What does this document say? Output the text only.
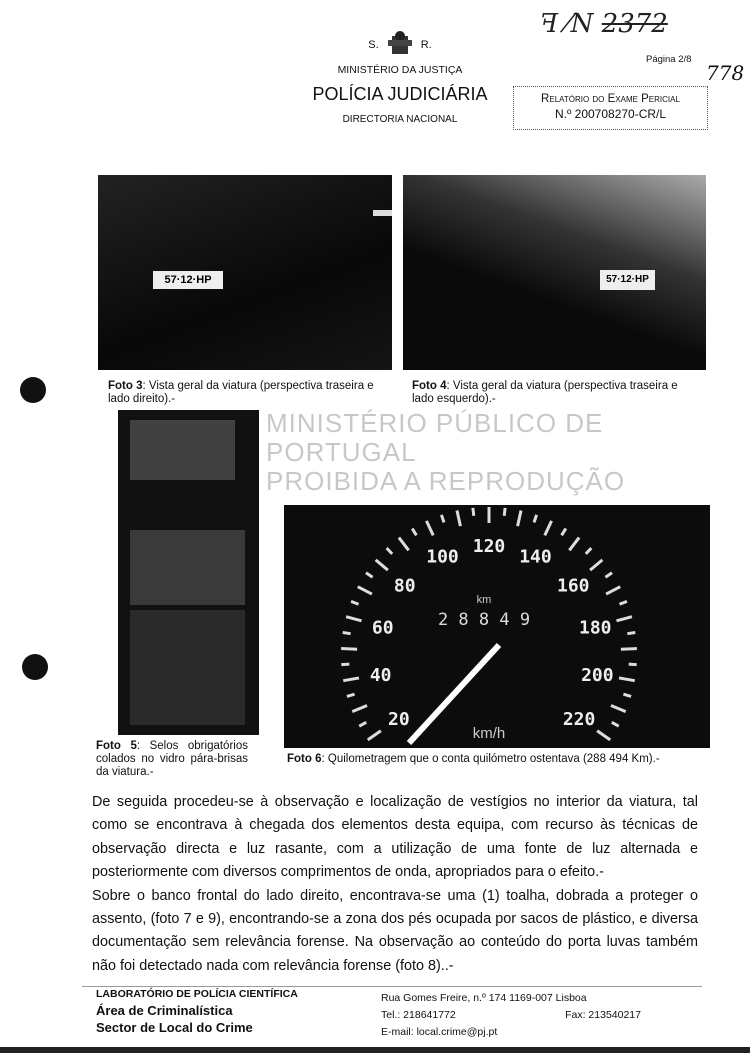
S.	R.
MINISTÉRIO DA JUSTIÇA
POLÍCIA JUDICIÁRIA
DIRECTORIA NACIONAL
ꟻ ⁄N 2372
Página 2/8
778
Relatório do Exame Pericial
N.º 200708270-CR/L
57·12·HP
Foto 3: Vista geral da viatura (perspectiva traseira e lado direito).-
57·12·HP
Foto 4: Vista geral da viatura (perspectiva traseira e lado esquerdo).-
Foto 5: Selos obrigatórios colados no vidro pára-brisas da viatura.-
20
40
60
80
100 120 140
160
180
200
220
km
2 8 8 4 9
km/h
Foto 6: Quilometragem que o conta quilómetro ostentava (288 494 Km).-
MINISTÉRIO PÚBLICO DE PORTUGAL
PROIBIDA A REPRODUÇÃO

De seguida procedeu-se à observação e localização de vestígios no interior da viatura, tal como se encontrava à chegada dos elementos desta equipa, com recurso às técnicas de observação directa e luz rasante, com a utilização de uma fonte de luz alternada e posteriormente com diversos comprimentos de onda, apropriados para o efeito.-

Sobre o banco frontal do lado direito, encontrava-se uma (1) toalha, dobrada a proteger o assento, (foto 7 e 9), encontrando-se a zona dos pés ocupada por sacos de plástico, e diversa documentação sem relevância forense. Na observação ao conteúdo do porta luvas também não foi detectado nada com relevância forense (foto 8)..-

LABORATÓRIO DE POLÍCIA CIENTÍFICA
Área de Criminalística
Sector de Local do Crime
Rua Gomes Freire, n.º 174 1169-007 Lisboa
Tel.: 218641772	Fax: 213540217
E-mail: local.crime@pj.pt
